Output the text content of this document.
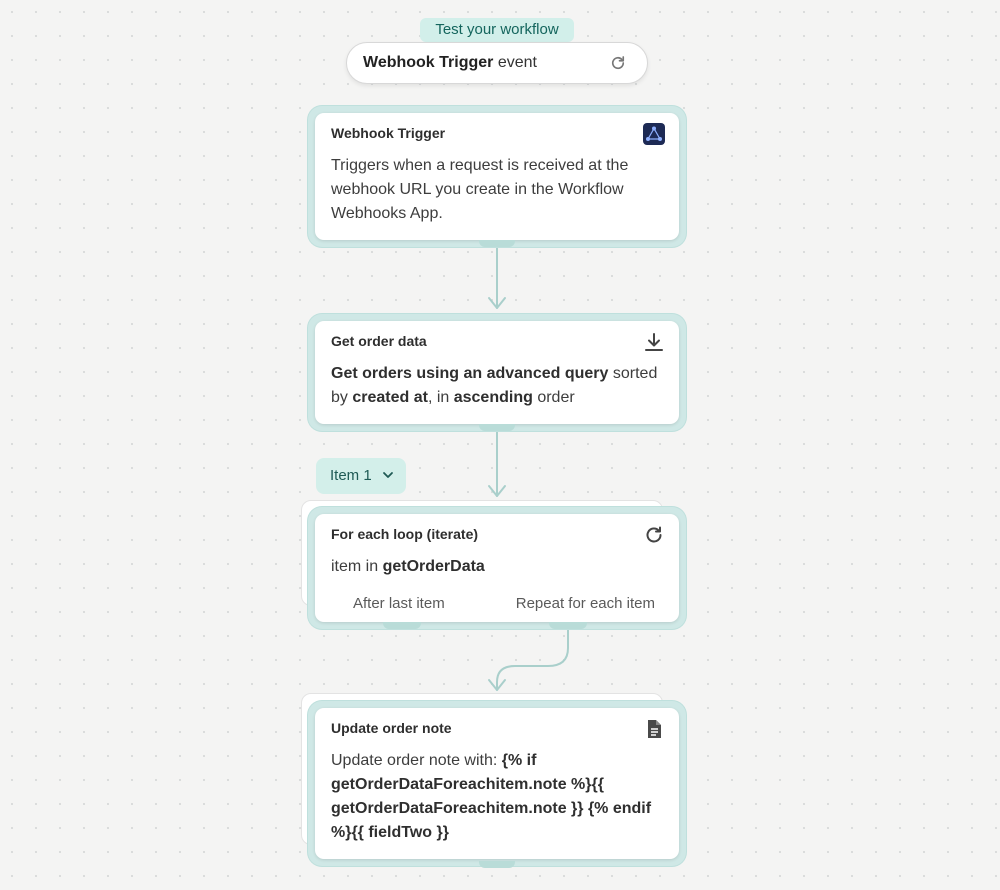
Test your workflow
Webhook Trigger event
Webhook Trigger
Triggers when a request is received at the webhook URL you create in the Workflow Webhooks App.
Get order data
Get orders using an advanced query sorted by created at, in ascending order
Item 1
For each loop (iterate)
item in getOrderData
After last item	Repeat for each item
Update order note
Update order note with: {% if getOrderDataForeachitem.note %}{{ getOrderDataForeachitem.note }} {% endif %}{{ fieldTwo }}
